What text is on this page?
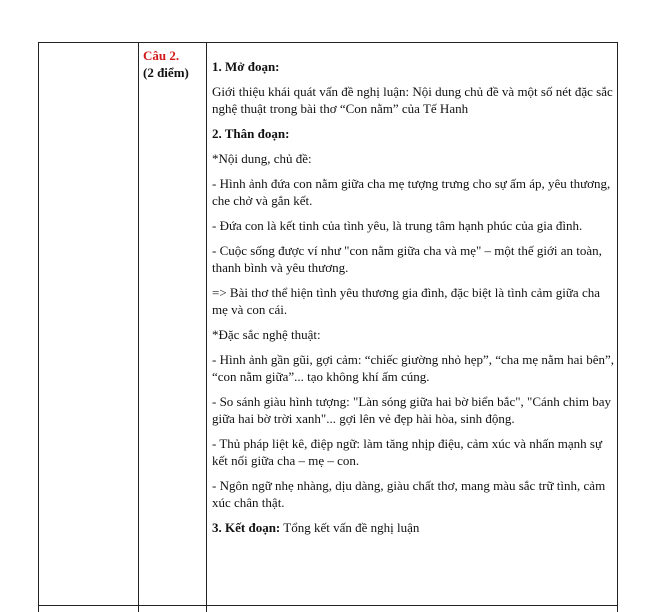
Câu 2.
(2 điểm)	1. Mở đoạn:

Giới thiệu khái quát vấn đề nghị luận: Nội dung chủ đề và một số nét đặc sắc nghệ thuật trong bài thơ “Con nằm” của Tế Hanh

2. Thân đoạn:

*Nội dung, chủ đề:

- Hình ảnh đứa con nằm giữa cha mẹ tượng trưng cho sự ấm áp, yêu thương, che chở và gắn kết.

- Đứa con là kết tinh của tình yêu, là trung tâm hạnh phúc của gia đình.

- Cuộc sống được ví như "con nằm giữa cha và mẹ" – một thế giới an toàn, thanh bình và yêu thương.

=> Bài thơ thể hiện tình yêu thương gia đình, đặc biệt là tình cảm giữa cha mẹ và con cái.

*Đặc sắc nghệ thuật:

- Hình ảnh gần gũi, gợi cảm: “chiếc giường nhỏ hẹp”, “cha mẹ nằm hai bên”, “con nằm giữa”... tạo không khí ấm cúng.

- So sánh giàu hình tượng: "Làn sóng giữa hai bờ biển bắc", "Cánh chim bay giữa hai bờ trời xanh"... gợi lên vẻ đẹp hài hòa, sinh động.

- Thủ pháp liệt kê, điệp ngữ: làm tăng nhịp điệu, cảm xúc và nhấn mạnh sự kết nối giữa cha – mẹ – con.

- Ngôn ngữ nhẹ nhàng, dịu dàng, giàu chất thơ, mang màu sắc trữ tình, cảm xúc chân thật.

3. Kết đoạn: Tổng kết vấn đề nghị luận
